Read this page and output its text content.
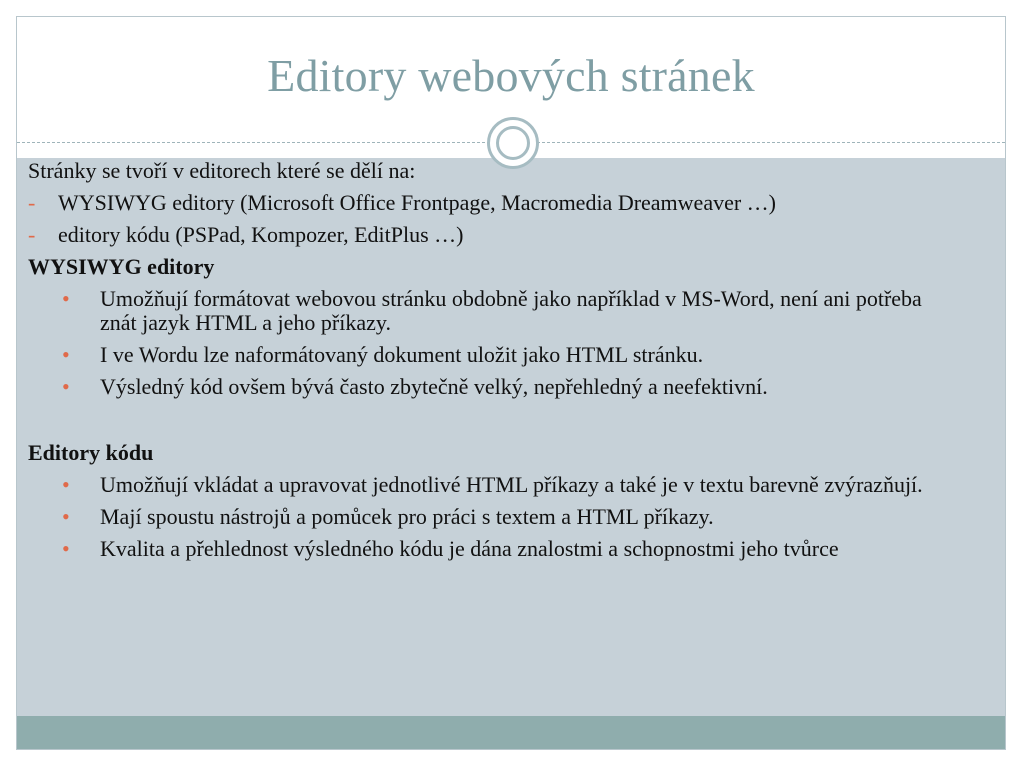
Editory webových stránek

Stránky se tvoří v editorech které se dělí na:

- WYSIWYG editory (Microsoft Office Frontpage, Macromedia Dreamweaver …)
- editory kódu (PSPad, Kompozer, EditPlus …)

WYSIWYG editory

• Umožňují formátovat webovou stránku obdobně jako například v MS-Word, není ani potřeba znát jazyk HTML a jeho příkazy.
• I ve Wordu lze naformátovaný dokument uložit jako HTML stránku.
• Výsledný kód ovšem bývá často zbytečně velký, nepřehledný a neefektivní.

Editory kódu

• Umožňují vkládat a upravovat jednotlivé HTML příkazy a také je v textu barevně zvýrazňují.
• Mají spoustu nástrojů a pomůcek pro práci s textem a HTML příkazy.
• Kvalita a přehlednost výsledného kódu je dána znalostmi a schopnostmi jeho tvůrce
